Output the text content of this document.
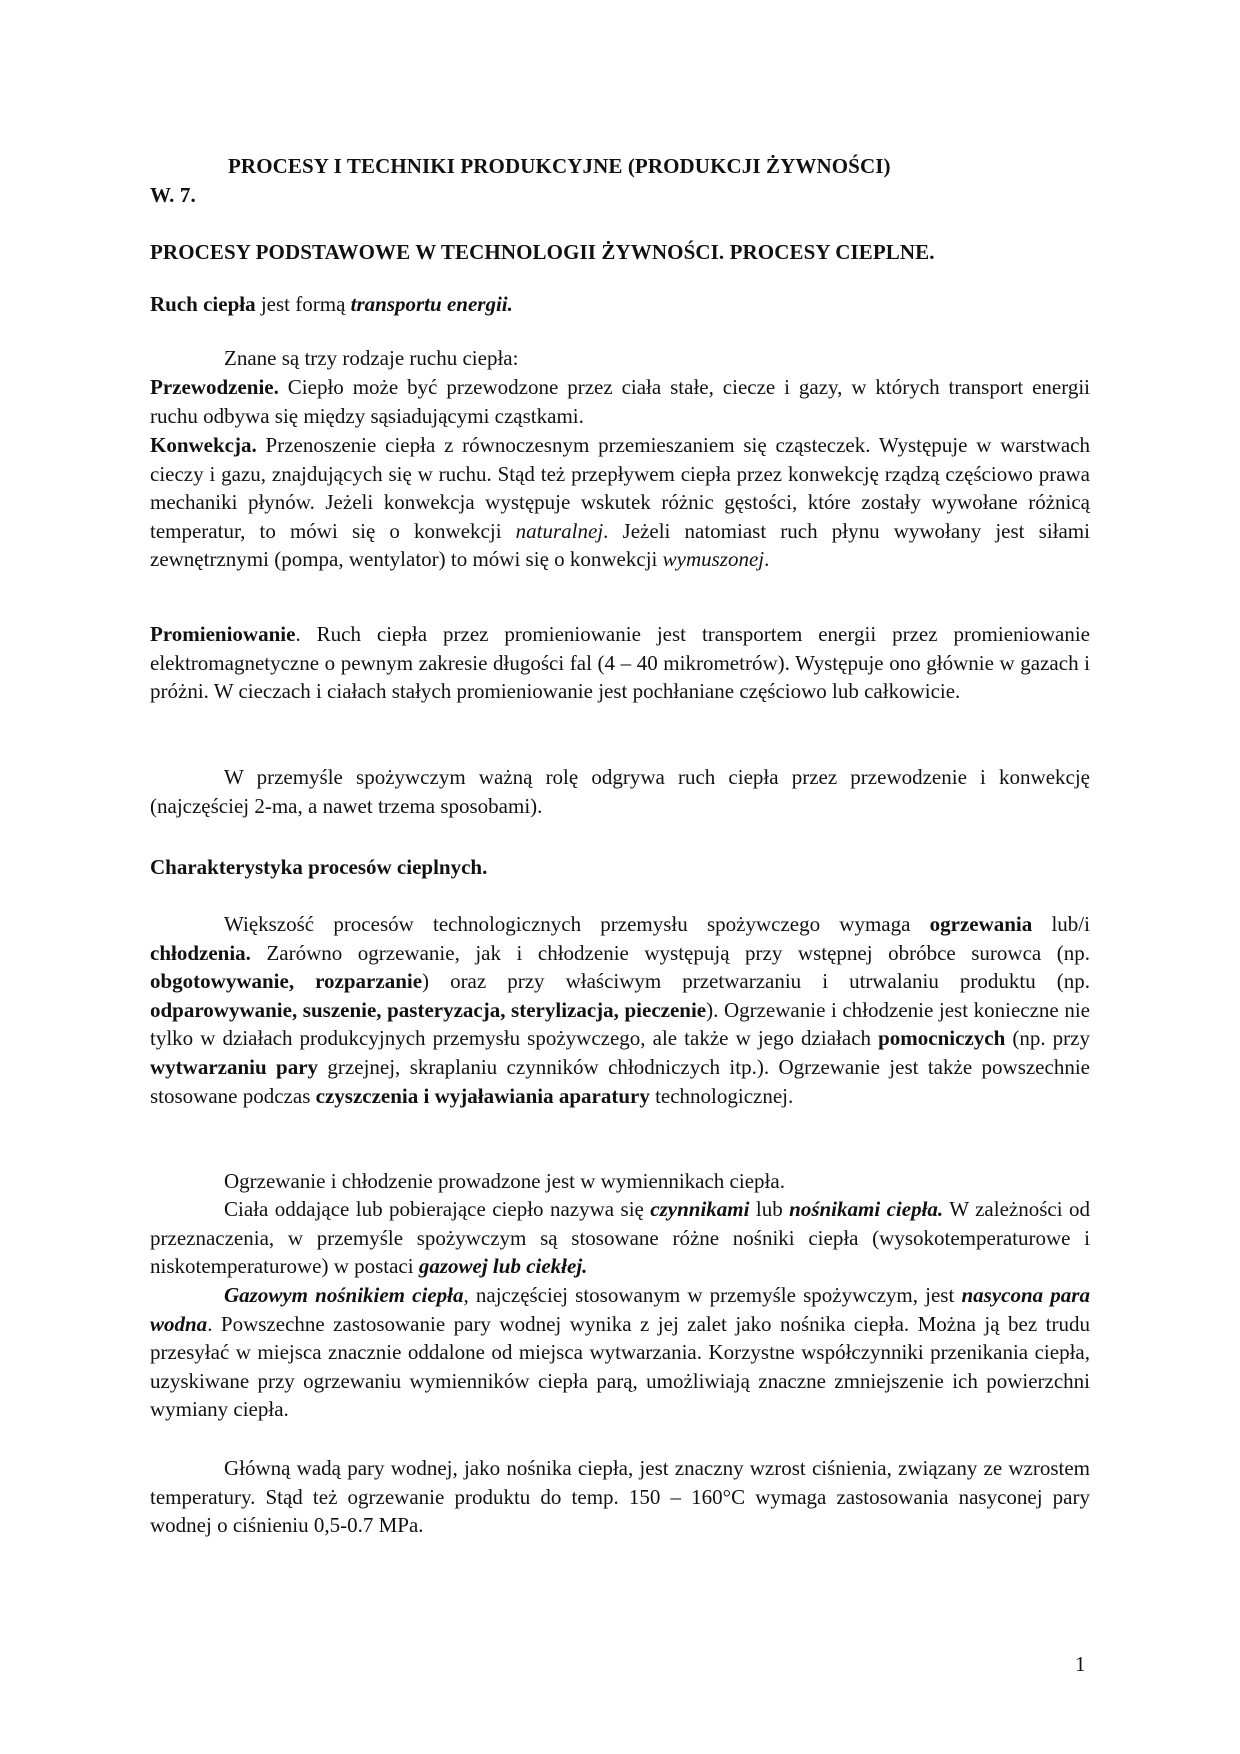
PROCESY I TECHNIKI PRODUKCYJNE (PRODUKCJI ŻYWNOŚCI)
W. 7.
PROCESY PODSTAWOWE W TECHNOLOGII ŻYWNOŚCI. PROCESY CIEPLNE.
Ruch ciepła jest formą transportu energii.
Znane są trzy rodzaje ruchu ciepła:
Przewodzenie. Ciepło może być przewodzone przez ciała stałe, ciecze i gazy, w których transport energii ruchu odbywa się między sąsiadującymi cząstkami.
Konwekcja. Przenoszenie ciepła z równoczesnym przemieszaniem się cząsteczek. Występuje w warstwach cieczy i gazu, znajdujących się w ruchu. Stąd też przepływem ciepła przez konwekcję rządzą częściowo prawa mechaniki płynów. Jeżeli konwekcja występuje wskutek różnic gęstości, które zostały wywołane różnicą temperatur, to mówi się o konwekcji naturalnej. Jeżeli natomiast ruch płynu wywołany jest siłami zewnętrznymi (pompa, wentylator) to mówi się o konwekcji wymuszonej.
Promieniowanie. Ruch ciepła przez promieniowanie jest transportem energii przez promieniowanie elektromagnetyczne o pewnym zakresie długości fal (4 – 40 mikrometrów). Występuje ono głównie w gazach i próżni. W cieczach i ciałach stałych promieniowanie jest pochłaniane częściowo lub całkowicie.
W przemyśle spożywczym ważną rolę odgrywa ruch ciepła przez przewodzenie i konwekcję (najczęściej 2-ma, a nawet trzema sposobami).
Charakterystyka procesów cieplnych.
Większość procesów technologicznych przemysłu spożywczego wymaga ogrzewania lub/i chłodzenia. Zarówno ogrzewanie, jak i chłodzenie występują przy wstępnej obróbce surowca (np. obgotowywanie, rozparzanie) oraz przy właściwym przetwarzaniu i utrwalaniu produktu (np. odparowywanie, suszenie, pasteryzacja, sterylizacja, pieczenie). Ogrzewanie i chłodzenie jest konieczne nie tylko w działach produkcyjnych przemysłu spożywczego, ale także w jego działach pomocniczych (np. przy wytwarzaniu pary grzejnej, skraplaniu czynników chłodniczych itp.). Ogrzewanie jest także powszechnie stosowane podczas czyszczenia i wyjaławiania aparatury technologicznej.
Ogrzewanie i chłodzenie prowadzone jest w wymiennikach ciepła.
Ciała oddające lub pobierające ciepło nazywa się czynnikami lub nośnikami ciepła. W zależności od przeznaczenia, w przemyśle spożywczym są stosowane różne nośniki ciepła (wysokotemperaturowe i niskotemperaturowe) w postaci gazowej lub ciekłej.
Gazowym nośnikiem ciepła, najczęściej stosowanym w przemyśle spożywczym, jest nasycona para wodna. Powszechne zastosowanie pary wodnej wynika z jej zalet jako nośnika ciepła. Można ją bez trudu przesyłać w miejsca znacznie oddalone od miejsca wytwarzania. Korzystne współczynniki przenikania ciepła, uzyskiwane przy ogrzewaniu wymienników ciepła parą, umożliwiają znaczne zmniejszenie ich powierzchni wymiany ciepła.
Główną wadą pary wodnej, jako nośnika ciepła, jest znaczny wzrost ciśnienia, związany ze wzrostem temperatury. Stąd też ogrzewanie produktu do temp. 150 – 160°C wymaga zastosowania nasyconej pary wodnej o ciśnieniu 0,5-0.7 MPa.
1
